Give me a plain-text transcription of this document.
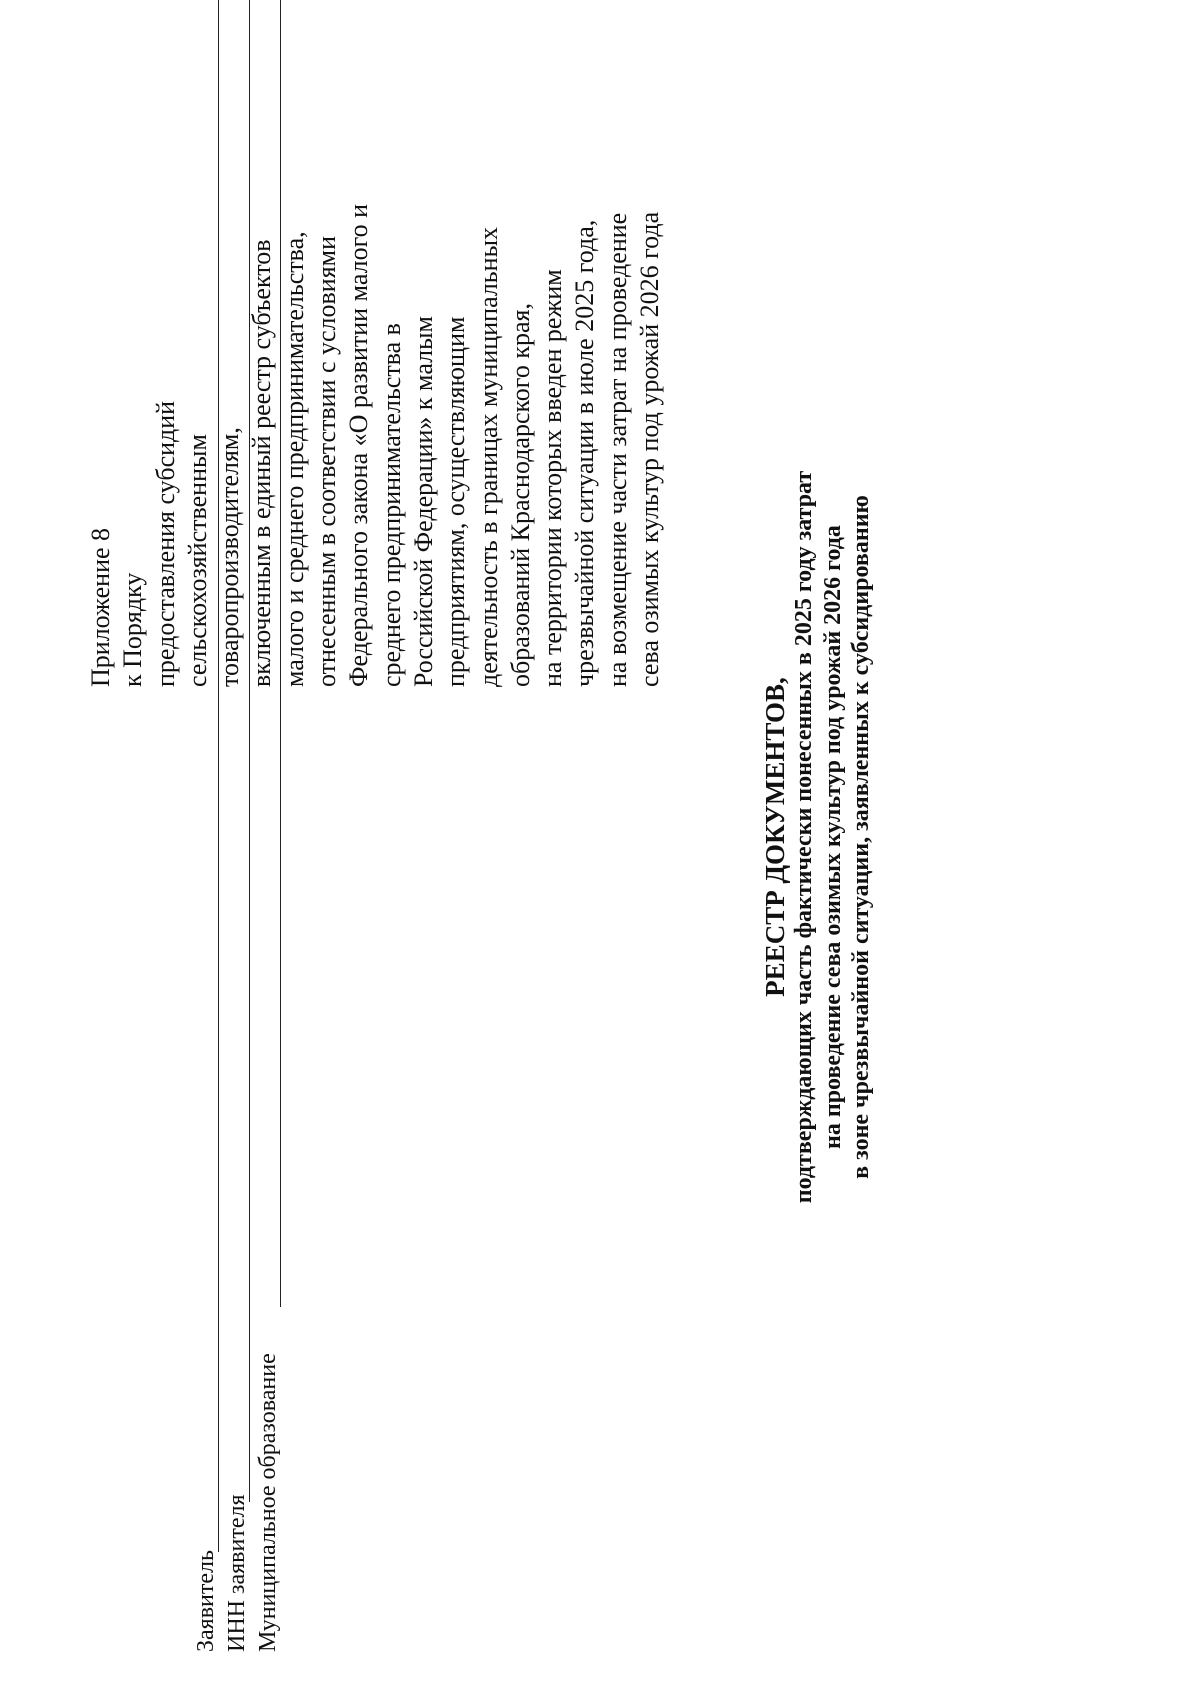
Приложение 8 к Порядку предоставления субсидий сельскохозяйственным товаропроизводителям, включенным в единый реестр субъектов малого и среднего предпринимательства, отнесенным в соответствии с условиями Федерального закона «О развитии малого и среднего предпринимательства в Российской Федерации» к малым предприятиям, осуществляющим деятельность в границах муниципальных образований Краснодарского края, на территории которых введен режим чрезвычайной ситуации в июле 2025 года, на возмещение части затрат на проведение сева озимых культур под урожай 2026 года
РЕЕСТР ДОКУМЕНТОВ, подтверждающих часть фактически понесенных в 2025 году затрат на проведение сева озимых культур под урожай 2026 года в зоне чрезвычайной ситуации, заявленных к субсидированию
Заявитель ИНН заявителя Муниципальное образование
